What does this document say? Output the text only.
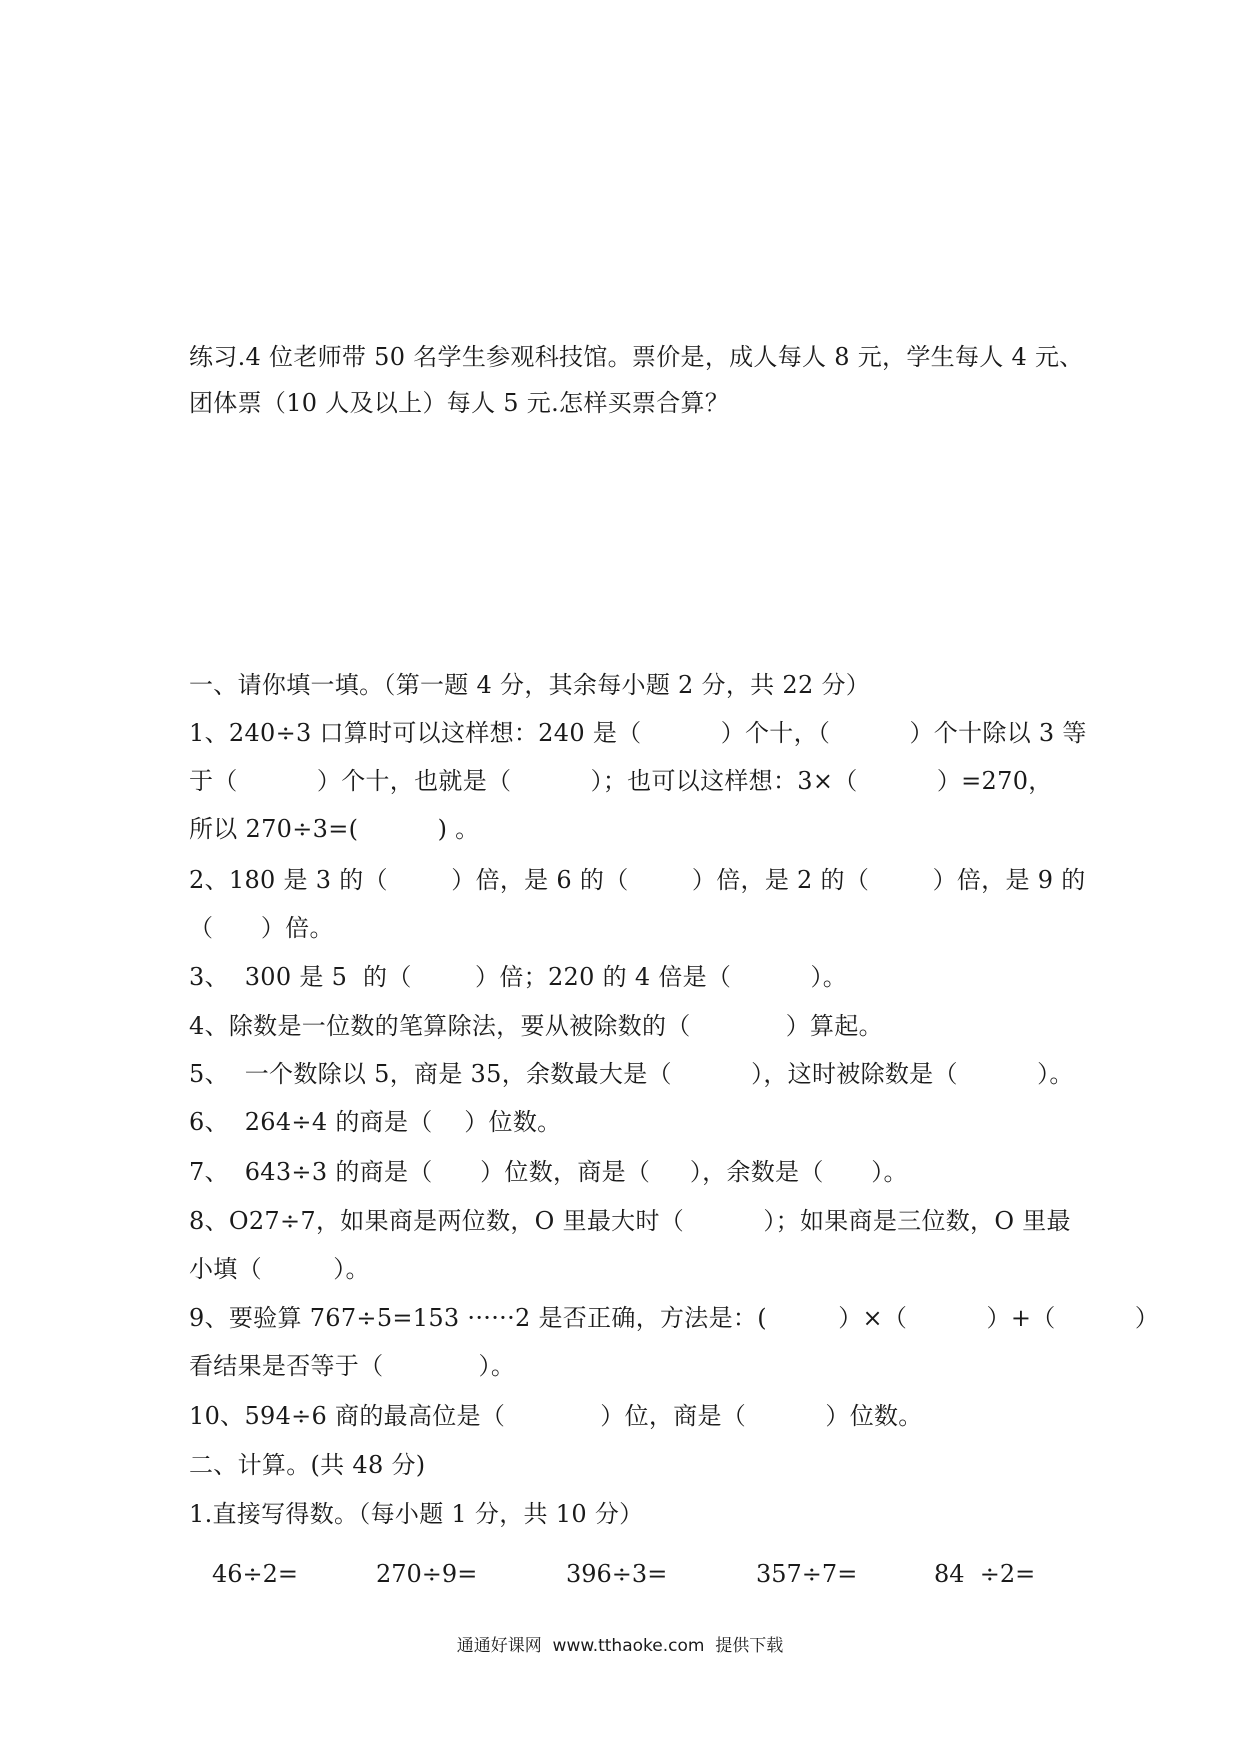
练习.4 位老师带 50 名学生参观科技馆。票价是，成人每人 8 元，学生每人 4 元、
团体票（10 人及以上）每人 5 元.怎样买票合算？
一、请你填一填。（第一题 4 分，其余每小题 2 分，共 22 分）
1、240÷3 口算时可以这样想：240 是（          ）个十，（          ）个十除以 3 等
于（          ）个十，也就是（          ）；也可以这样想：3×（          ）=270，
所以 270÷3=(          ) 。
2、180 是 3 的（        ）倍，是 6 的（        ）倍，是 2 的（        ）倍，是 9 的
（      ）倍。
3、  300 是 5  的（        ）倍；220 的 4 倍是（          ）。
4、除数是一位数的笔算除法，要从被除数的（            ）算起。
5、  一个数除以 5，商是 35，余数最大是（          ），这时被除数是（          ）。
6、  264÷4 的商是（    ）位数。
7、  643÷3 的商是（      ）位数，商是（     ），余数是（      ）。
8、O27÷7，如果商是两位数，O 里最大时（          ）；如果商是三位数，O 里最
小填（         ）。
9、要验算 767÷5=153 ······2 是否正确，方法是：(         ）×（          ）+（          ）
看结果是否等于（            ）。
10、594÷6 商的最高位是（            ）位，商是（          ）位数。
二、计算。(共 48 分)
1.直接写得数。（每小题 1 分，共 10 分）
46÷2=	270÷9=	396÷3=	357÷7=	84  ÷2=
通通好课网  www.tthaoke.com  提供下载
